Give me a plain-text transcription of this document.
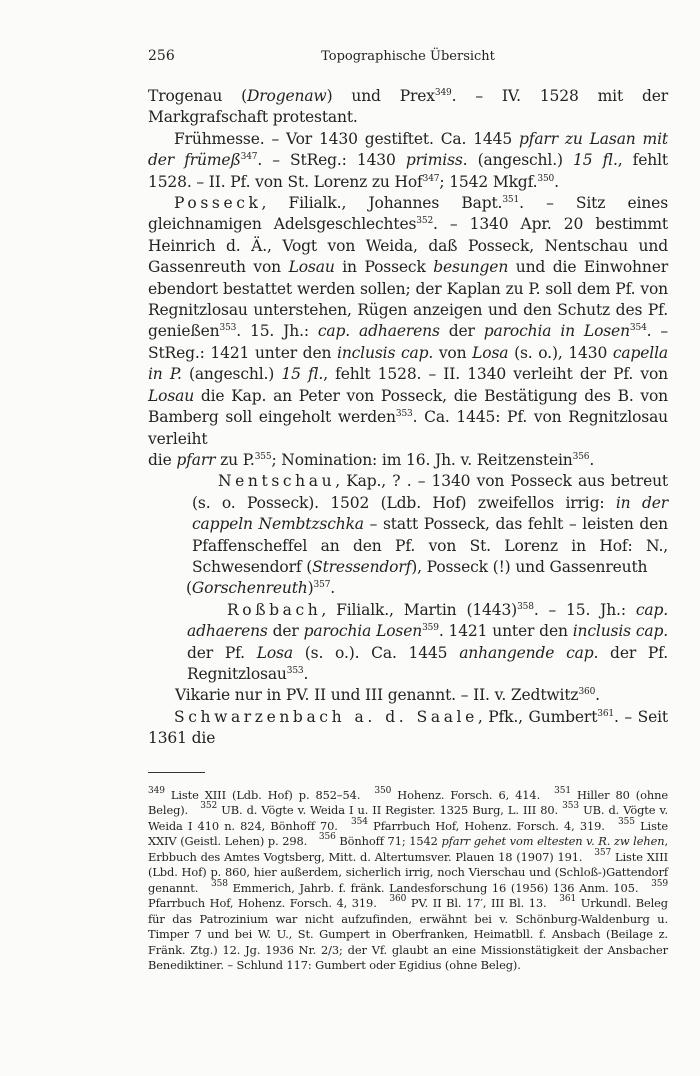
256	Topographische Übersicht

Trogenau (Drogenaw) und Prex$^{349}$. – IV. 1528 mit der Markgrafschaft protestant.

Frühmesse. – Vor 1430 gestiftet. Ca. 1445 pfarr zu Lasan mit der frümeß$^{347}$. – StReg.: 1430 primiss. (angeschl.) 15 fl., fehlt 1528. – II. Pf. von St. Lorenz zu Hof$^{347}$; 1542 Mkgf.$^{350}$.

Posseck, Filialk., Johannes Bapt.$^{351}$. – Sitz eines gleichnamigen Adelsgeschlechtes$^{352}$. – 1340 Apr. 20 bestimmt Heinrich d. Ä., Vogt von Weida, daß Posseck, Nentschau und Gassenreuth von Losau in Posseck besungen und die Einwohner ebendort bestattet werden sollen; der Kaplan zu P. soll dem Pf. von Regnitzlosau unterstehen, Rügen anzeigen und den Schutz des Pf. genießen$^{353}$. 15. Jh.: cap. adhaerens der parochia in Losen$^{354}$. – StReg.: 1421 unter den inclusis cap. von Losa (s. o.), 1430 capella in P. (angeschl.) 15 fl., fehlt 1528. – II. 1340 verleiht der Pf. von Losau die Kap. an Peter von Posseck, die Bestätigung des B. von Bamberg soll eingeholt werden$^{353}$. Ca. 1445: Pf. von Regnitzlosau verleiht

die pfarr zu P.$^{355}$; Nomination: im 16. Jh. v. Reitzenstein$^{356}$.

Nentschau, Kap., ? . – 1340 von Posseck aus betreut (s. o. Posseck). 1502 (Ldb. Hof) zweifellos irrig: in der cappeln Nembtzschka – statt Posseck, das fehlt – leisten den Pfaffenscheffel an den Pf. von St. Lorenz in Hof: N., Schwesendorf (Stressendorf), Posseck (!) und Gassenreuth

(Gorschenreuth)$^{357}$.

Roßbach, Filialk., Martin $(1443)^{358}$. – 15. Jh.: cap. adhaerens der parochia Losen$^{359}$. 1421 unter den inclusis cap. der Pf. Losa (s. o.). Ca. 1445 anhangende cap. der Pf. Regnitzlosau$^{353}$.

Vikarie nur in PV. II und III genannt. – II. v. Zedtwitz$^{360}$.

Schwarzenbach a. d. Saale, Pfk., Gumbert$^{361}$. – Seit 1361 die

$^{349}$ Liste XIII (Ldb. Hof) p. 852–54. $^{350}$ Hohenz. Forsch. 6, 414. $^{351}$ Hiller 80 (ohne Beleg). $^{352}$ UB. d. Vögte v. Weida I u. II Register. 1325 Burg, L. III 80. $^{353}$ UB. d. Vögte v. Weida I 410 n. 824, Bönhoff 70. $^{354}$ Pfarrbuch Hof, Hohenz. Forsch. 4, 319. $^{355}$ Liste XXIV (Geistl. Lehen) p. 298. $^{356}$ Bönhoff 71; 1542 pfarr gehet vom eltesten v. R. zw lehen, Erbbuch des Amtes Vogtsberg, Mitt. d. Altertumsver. Plauen 18 (1907) 191. $^{357}$ Liste XIII (Lbd. Hof) p. 860, hier außerdem, sicherlich irrig, noch Vierschau und (Schloß-)Gattendorf genannt. $^{358}$ Emmerich, Jahrb. f. fränk. Landesforschung 16 (1956) 136 Anm. 105. $^{359}$ Pfarrbuch Hof, Hohenz. Forsch. 4, 319. $^{360}$ PV. II Bl. 17′, III Bl. 13. $^{361}$ Urkundl. Beleg für das Patrozinium war nicht aufzufinden, erwähnt bei v. Schönburg-Waldenburg u. Timper 7 und bei W. U., St. Gumpert in Oberfranken, Heimatbll. f. Ansbach (Beilage z. Fränk. Ztg.) 12. Jg. 1936 Nr. 2/3; der Vf. glaubt an eine Missionstätigkeit der Ansbacher Benediktiner. – Schlund 117: Gumbert oder Egidius (ohne Beleg).
